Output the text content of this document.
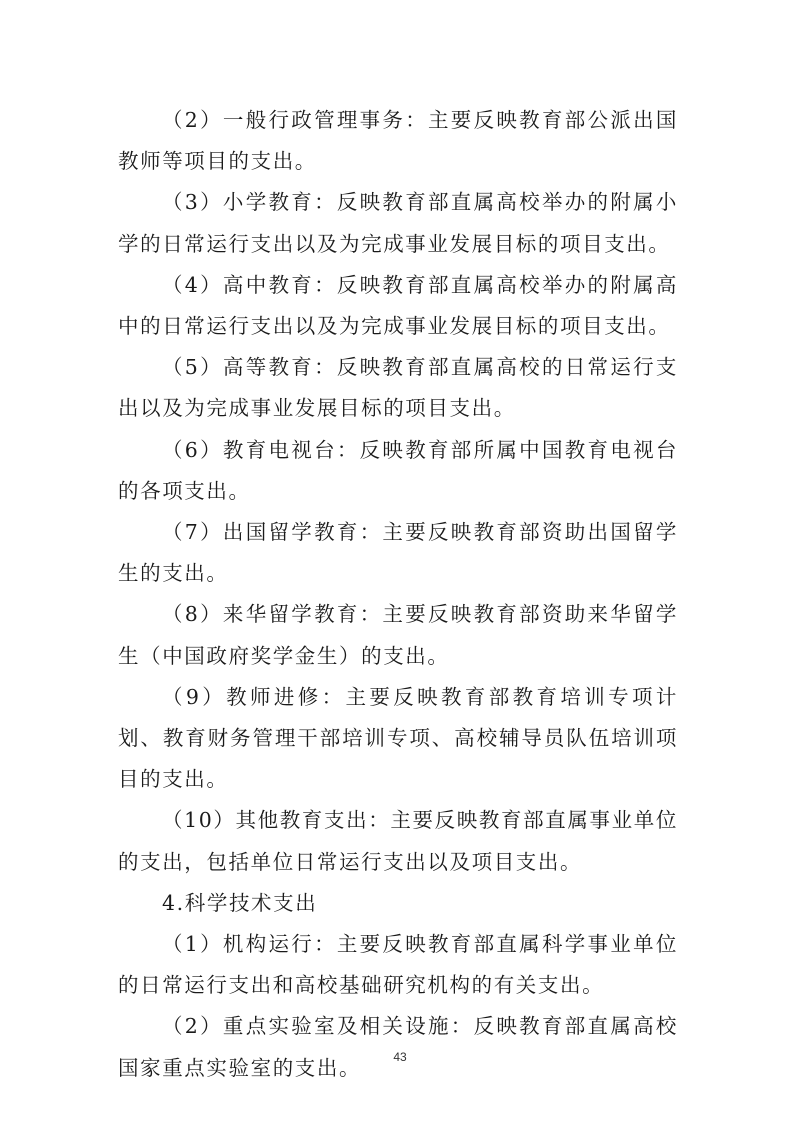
（2）一般行政管理事务：主要反映教育部公派出国教师等项目的支出。

（3）小学教育：反映教育部直属高校举办的附属小学的日常运行支出以及为完成事业发展目标的项目支出。

（4）高中教育：反映教育部直属高校举办的附属高中的日常运行支出以及为完成事业发展目标的项目支出。

（5）高等教育：反映教育部直属高校的日常运行支出以及为完成事业发展目标的项目支出。

（6）教育电视台：反映教育部所属中国教育电视台的各项支出。

（7）出国留学教育：主要反映教育部资助出国留学生的支出。

（8）来华留学教育：主要反映教育部资助来华留学生（中国政府奖学金生）的支出。

（9）教师进修：主要反映教育部教育培训专项计划、教育财务管理干部培训专项、高校辅导员队伍培训项目的支出。

（10）其他教育支出：主要反映教育部直属事业单位的支出，包括单位日常运行支出以及项目支出。

4.科学技术支出

（1）机构运行：主要反映教育部直属科学事业单位的日常运行支出和高校基础研究机构的有关支出。

（2）重点实验室及相关设施：反映教育部直属高校国家重点实验室的支出。	43
